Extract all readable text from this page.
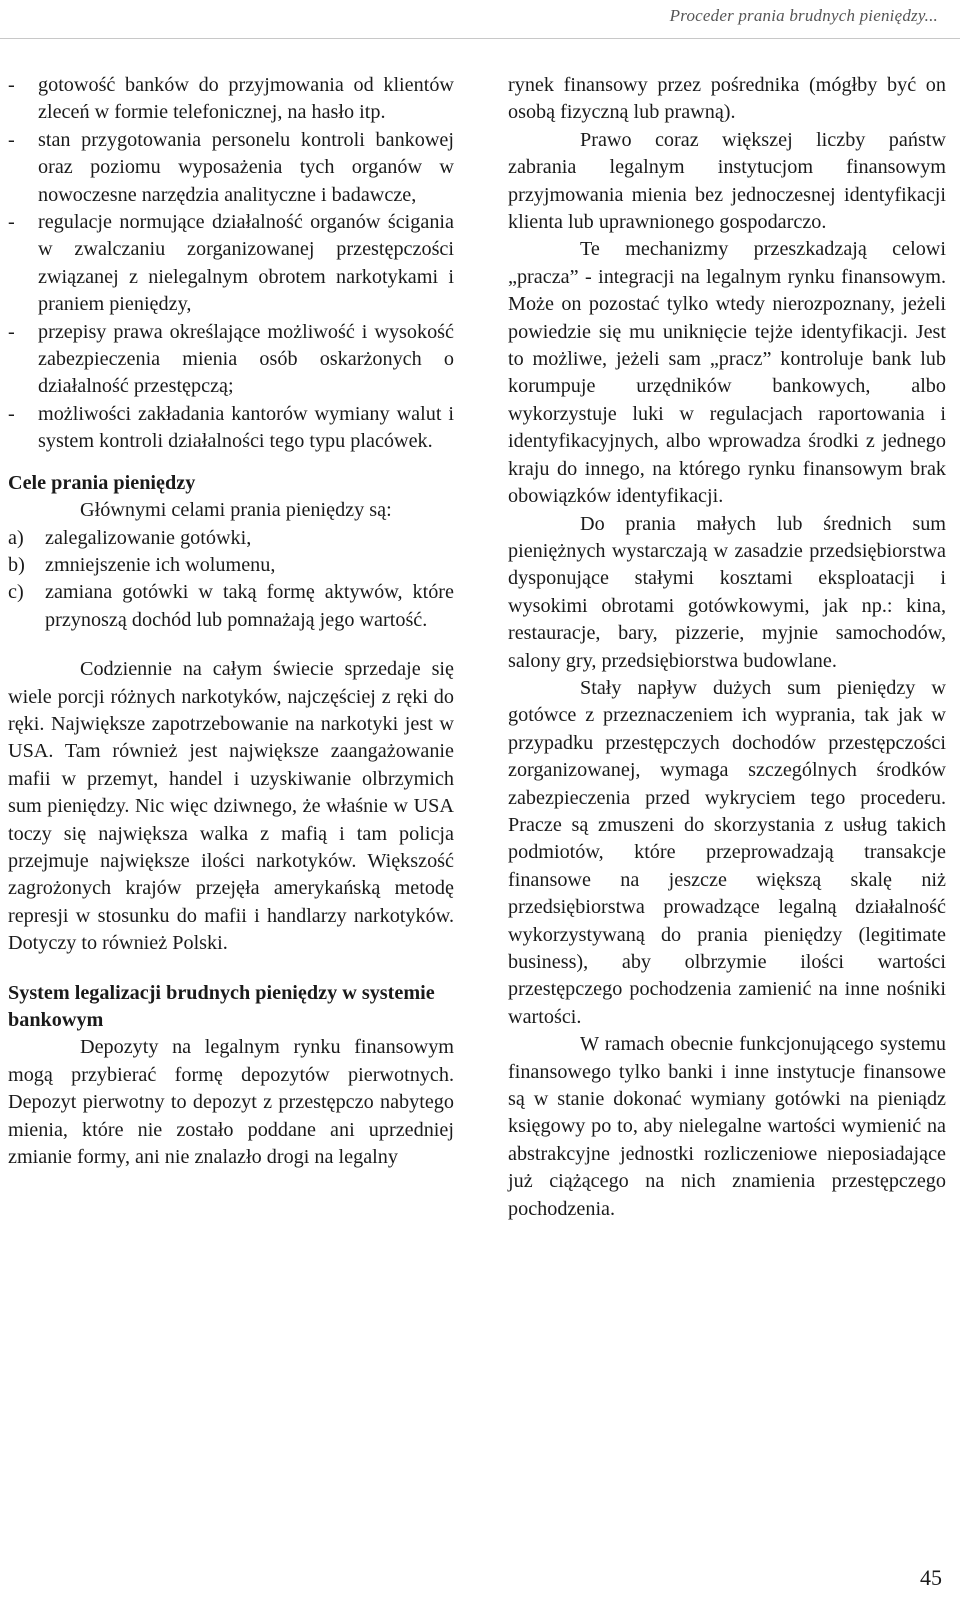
Proceder prania brudnych pieniędzy...
- gotowość banków do przyjmowania od klientów zleceń w formie telefonicznej, na hasło itp.
- stan przygotowania personelu kontroli bankowej oraz poziomu wyposażenia tych organów w nowoczesne narzędzia analityczne i badawcze,
- regulacje normujące działalność organów ścigania w zwalczaniu zorganizowanej przestępczości związanej z nielegalnym obrotem narkotykami i praniem pieniędzy,
- przepisy prawa określające możliwość i wysokość zabezpieczenia mienia osób oskarżonych o działalność przestępczą;
- możliwości zakładania kantorów wymiany walut i system kontroli działalności tego typu placówek.

Cele prania pieniędzy

Głównymi celami prania pieniędzy są:

a) zalegalizowanie gotówki,
b) zmniejszenie ich wolumenu,
c) zamiana gotówki w taką formę aktywów, które przynoszą dochód lub pomnażają jego wartość.

Codziennie na całym świecie sprzedaje się wiele porcji różnych narkotyków, najczęściej z ręki do ręki. Największe zapotrzebowanie na narkotyki jest w USA. Tam również jest największe zaangażowanie mafii w przemyt, handel i uzyskiwanie olbrzymich sum pieniędzy. Nic więc dziwnego, że właśnie w USA toczy się największa walka z mafią i tam policja przejmuje największe ilości narkotyków. Większość zagrożonych krajów przejęła amerykańską metodę represji w stosunku do mafii i handlarzy narkotyków. Dotyczy to również Polski.

System legalizacji brudnych pieniędzy w systemie bankowym

Depozyty na legalnym rynku finansowym mogą przybierać formę depozytów pierwotnych. Depozyt pierwotny to depozyt z przestępczo nabytego mienia, które nie zostało poddane ani uprzedniej zmianie formy, ani nie znalazło drogi na legalny

rynek finansowy przez pośrednika (mógłby być on osobą fizyczną lub prawną).

Prawo coraz większej liczby państw zabrania legalnym instytucjom finansowym przyjmowania mienia bez jednoczesnej identyfikacji klienta lub uprawnionego gospodarczo.

Te mechanizmy przeszkadzają celowi „pracza” - integracji na legalnym rynku finansowym. Może on pozostać tylko wtedy nierozpoznany, jeżeli powiedzie się mu uniknięcie tejże identyfikacji. Jest to możliwe, jeżeli sam „pracz” kontroluje bank lub korumpuje urzędników bankowych, albo wykorzystuje luki w regulacjach raportowania i identyfikacyjnych, albo wprowadza środki z jednego kraju do innego, na którego rynku finansowym brak obowiązków identyfikacji.

Do prania małych lub średnich sum pieniężnych wystarczają w zasadzie przedsiębiorstwa dysponujące stałymi kosztami eksploatacji i wysokimi obrotami gotówkowymi, jak np.: kina, restauracje, bary, pizzerie, myjnie samochodów, salony gry, przedsiębiorstwa budowlane.

Stały napływ dużych sum pieniędzy w gotówce z przeznaczeniem ich wyprania, tak jak w przypadku przestępczych dochodów przestępczości zorganizowanej, wymaga szczególnych środków zabezpieczenia przed wykryciem tego procederu. Pracze są zmuszeni do skorzystania z usług takich podmiotów, które przeprowadzają transakcje finansowe na jeszcze większą skalę niż przedsiębiorstwa prowadzące legalną działalność wykorzystywaną do prania pieniędzy (legitimate business), aby olbrzymie ilości wartości przestępczego pochodzenia zamienić na inne nośniki wartości.

W ramach obecnie funkcjonującego systemu finansowego tylko banki i inne instytucje finansowe są w stanie dokonać wymiany gotówki na pieniądz księgowy po to, aby nielegalne wartości wymienić na abstrakcyjne jednostki rozliczeniowe nieposiadające już ciążącego na nich znamienia przestępczego pochodzenia.

45
